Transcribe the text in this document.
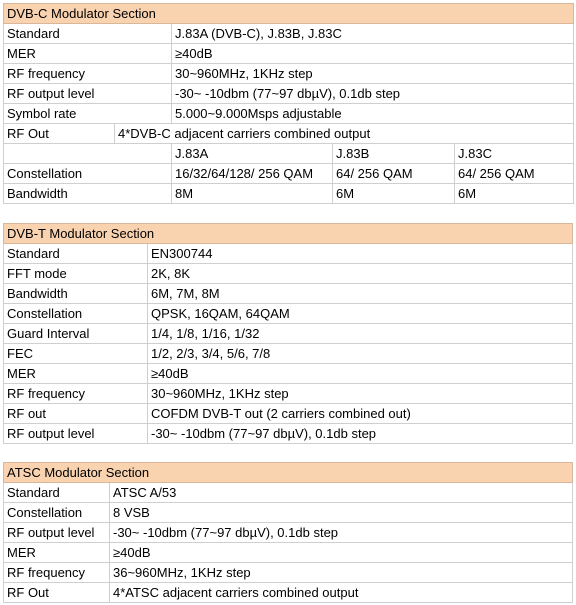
DVB-C Modulator Section				
Standard		J.83A (DVB-C), J.83B, J.83C		
MER		≥40dB		
RF frequency		30~960MHz, 1KHz step		
RF output level		-30~ -10dbm (77~97 dbµV), 0.1db step		
Symbol rate		5.000~9.000Msps adjustable		
RF Out	4*DVB-C adjacent carriers combined output			
		J.83A	J.83B	J.83C
Constellation		16/32/64/128/ 256 QAM	64/ 256 QAM	64/ 256 QAM
Bandwidth		8M	6M	6M
DVB-T Modulator Section	
Standard	EN300744
FFT mode	2K, 8K
Bandwidth	6M, 7M, 8M
Constellation	QPSK, 16QAM, 64QAM
Guard Interval	1/4, 1/8, 1/16, 1/32
FEC	1/2, 2/3, 3/4, 5/6, 7/8
MER	≥40dB
RF frequency	30~960MHz, 1KHz step
RF out	COFDM DVB-T out (2 carriers combined out)
RF output level	-30~ -10dbm (77~97 dbµV), 0.1db step
ATSC Modulator Section	
Standard	ATSC A/53
Constellation	8 VSB
RF output level	-30~ -10dbm (77~97 dbµV), 0.1db step
MER	≥40dB
RF frequency	36~960MHz, 1KHz step
RF Out	4*ATSC adjacent carriers combined output
